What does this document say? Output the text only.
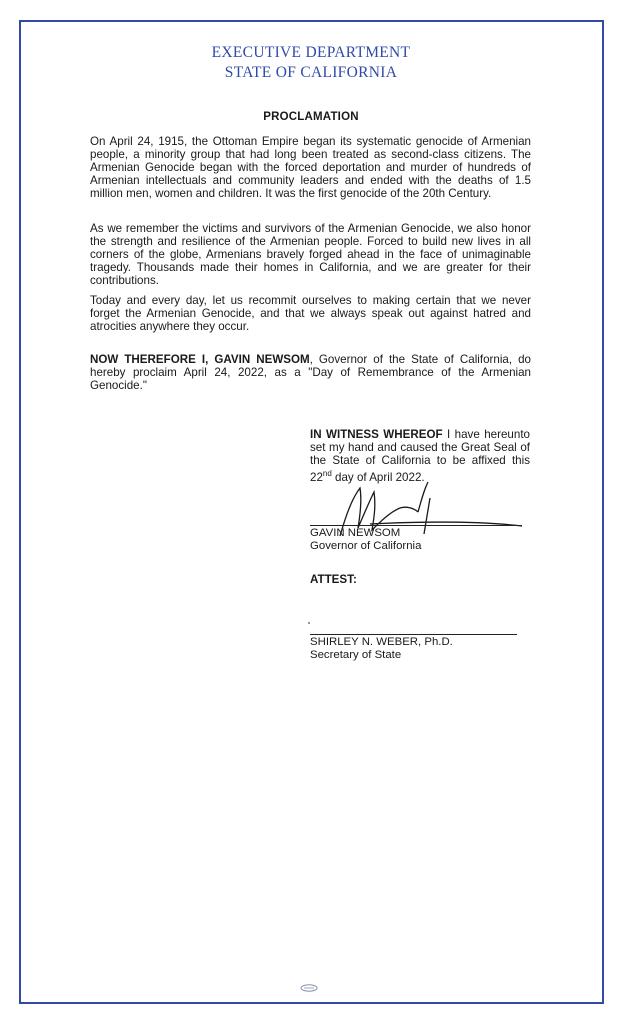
EXECUTIVE DEPARTMENT
STATE OF CALIFORNIA
PROCLAMATION
On April 24, 1915, the Ottoman Empire began its systematic genocide of Armenian people, a minority group that had long been treated as second-class citizens. The Armenian Genocide began with the forced deportation and murder of hundreds of Armenian intellectuals and community leaders and ended with the deaths of 1.5 million men, women and children. It was the first genocide of the 20th Century.
As we remember the victims and survivors of the Armenian Genocide, we also honor the strength and resilience of the Armenian people. Forced to build new lives in all corners of the globe, Armenians bravely forged ahead in the face of unimaginable tragedy. Thousands made their homes in California, and we are greater for their contributions.
Today and every day, let us recommit ourselves to making certain that we never forget the Armenian Genocide, and that we always speak out against hatred and atrocities anywhere they occur.
NOW THEREFORE I, GAVIN NEWSOM, Governor of the State of California, do hereby proclaim April 24, 2022, as a "Day of Remembrance of the Armenian Genocide."
IN WITNESS WHEREOF I have hereunto set my hand and caused the Great Seal of the State of California to be affixed this 22nd day of April 2022.
GAVIN NEWSOM
Governor of California
ATTEST:
SHIRLEY N. WEBER, Ph.D.
Secretary of State
